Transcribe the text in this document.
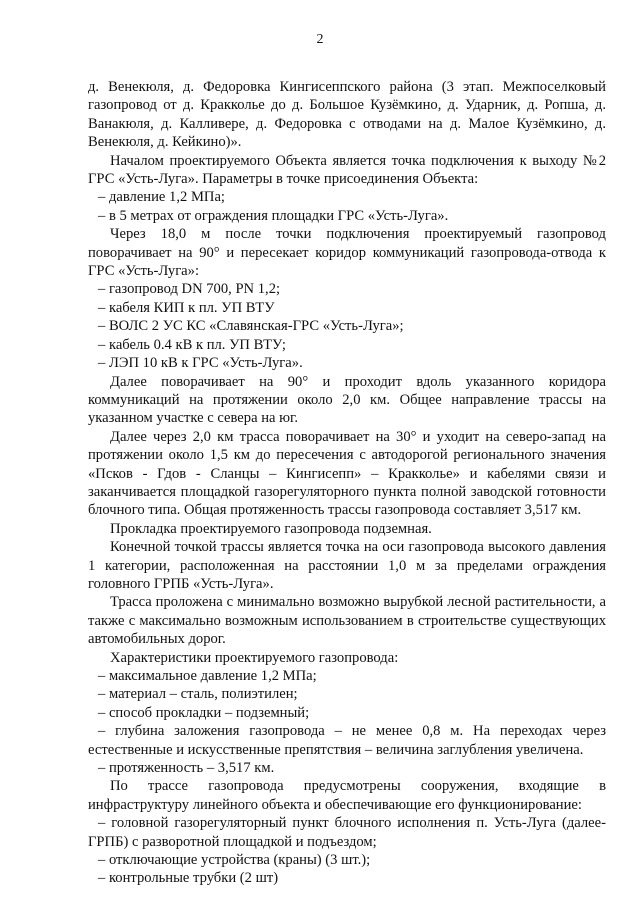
2

д. Венекюля, д. Федоровка Кингисеппского района (3 этап. Межпоселковый газопровод от д. Кракколье до д. Большое Кузёмкино, д. Ударник, д. Ропша, д. Ванакюля, д. Калливере, д. Федоровка с отводами на д. Малое Кузёмкино, д. Венекюля, д. Кейкино)».

Началом проектируемого Объекта является точка подключения к выходу №2 ГРС «Усть-Луга». Параметры в точке присоединения Объекта:

– давление 1,2 МПа;

– в 5 метрах от ограждения площадки ГРС «Усть-Луга».

Через 18,0 м после точки подключения проектируемый газопровод поворачивает на 90° и пересекает коридор коммуникаций газопровода-отвода к ГРС «Усть-Луга»:

– газопровод DN 700, PN 1,2;

– кабеля КИП к пл. УП ВТУ

– ВОЛС 2 УС КС «Славянская-ГРС «Усть-Луга»;

– кабель 0.4 кВ к пл. УП ВТУ;

– ЛЭП 10 кВ к ГРС «Усть-Луга».

Далее поворачивает на 90° и проходит вдоль указанного коридора коммуникаций на протяжении около 2,0 км. Общее направление трассы на указанном участке с севера на юг.

Далее через 2,0 км трасса поворачивает на 30° и уходит на северо-запад на протяжении около 1,5 км до пересечения с автодорогой регионального значения «Псков - Гдов - Сланцы – Кингисепп» – Кракколье» и кабелями связи и заканчивается площадкой газорегуляторного пункта полной заводской готовности блочного типа. Общая протяженность трассы газопровода составляет 3,517 км.

Прокладка проектируемого газопровода подземная.

Конечной точкой трассы является точка на оси газопровода высокого давления 1 категории, расположенная на расстоянии 1,0 м за пределами ограждения головного ГРПБ «Усть-Луга».

Трасса проложена с минимально возможно вырубкой лесной растительности, а также с максимально возможным использованием в строительстве существующих автомобильных дорог.

Характеристики проектируемого газопровода:

– максимальное давление 1,2 МПа;

– материал – сталь, полиэтилен;

– способ прокладки – подземный;

– глубина заложения газопровода – не менее 0,8 м. На переходах через естественные и искусственные препятствия – величина заглубления увеличена.

– протяженность – 3,517 км.

По трассе газопровода предусмотрены сооружения, входящие в инфраструктуру линейного объекта и обеспечивающие его функционирование:

– головной газорегуляторный пункт блочного исполнения п. Усть-Луга (далее-ГРПБ) с разворотной площадкой и подъездом;

– отключающие устройства (краны) (3 шт.);

– контрольные трубки (2 шт)
